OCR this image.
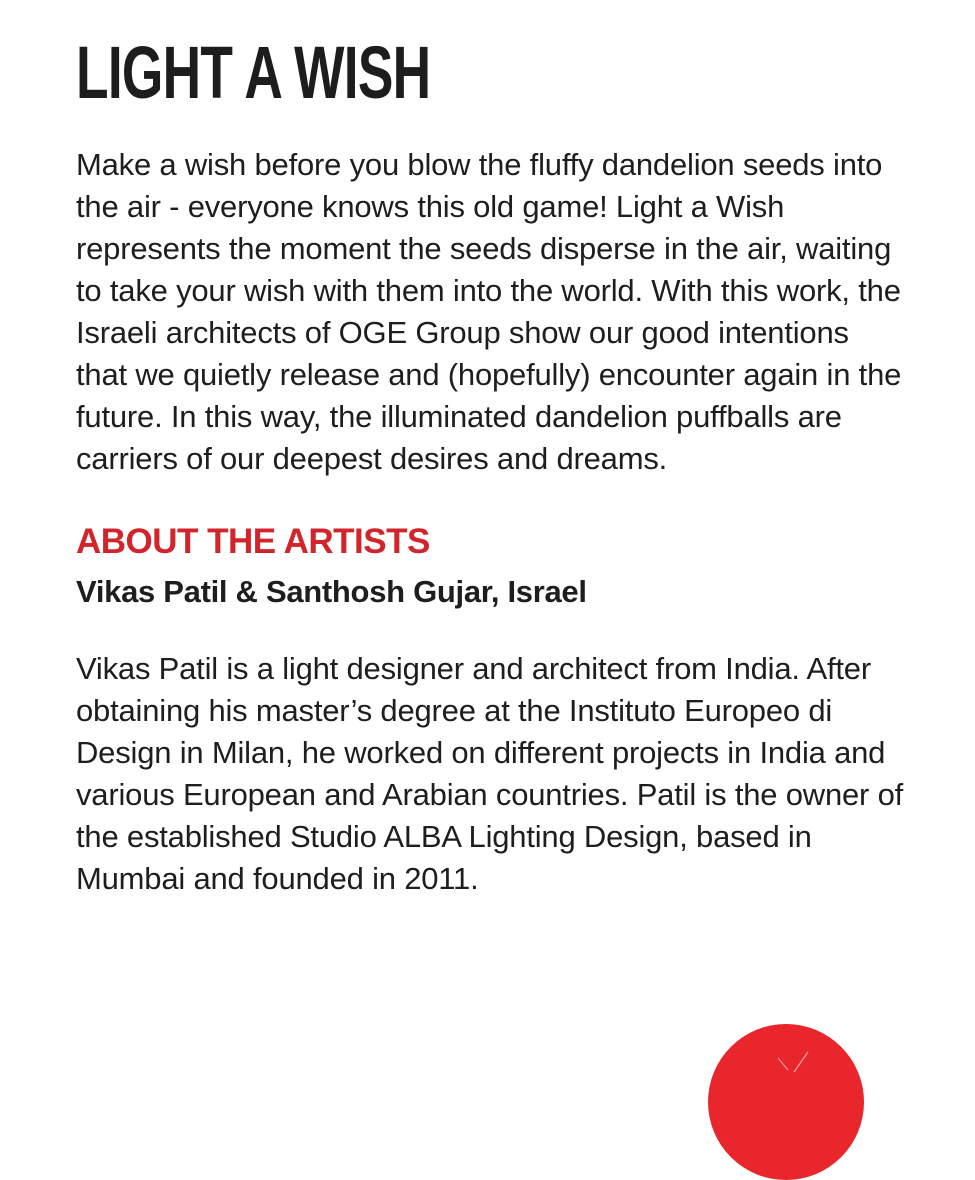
LIGHT A WISH

Make a wish before you blow the fluffy dandelion seeds into the air - everyone knows this old game! Light a Wish represents the moment the seeds disperse in the air, waiting to take your wish with them into the world. With this work, the Israeli architects of OGE Group show our good intentions that we quietly release and (hopefully) encounter again in the future. In this way, the illuminated dandelion puffballs are carriers of our deepest desires and dreams.

ABOUT THE ARTISTS

Vikas Patil & Santhosh Gujar, Israel

Vikas Patil is a light designer and architect from India. After obtaining his master’s degree at the Instituto Europeo di Design in Milan, he worked on different projects in India and various European and Arabian countries. Patil is the owner of the established Studio ALBA Lighting Design, based in Mumbai and founded in 2011.
